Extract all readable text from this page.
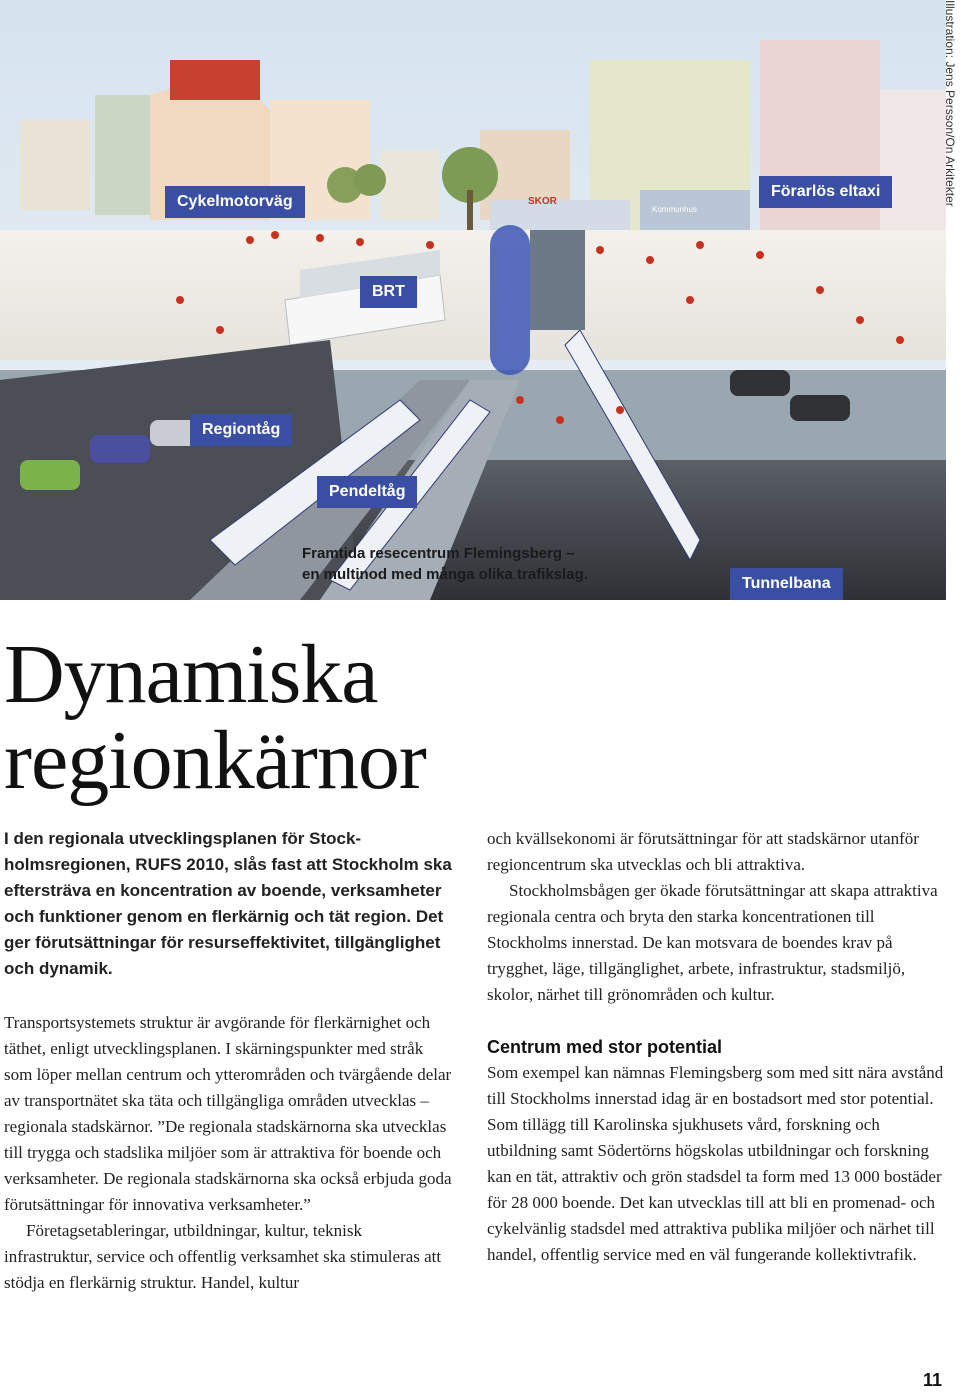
SKOR
Kommunhus
Cykelmotorväg
Förarlös eltaxi
BRT
Regiontåg
Pendeltåg
Tunnelbana
Framtida resecentrum Flemingsberg –
en multinod med många olika trafikslag.
Illustration: Jens Persson/On Arkitekter
Dynamiska
regionkärnor
I den regionala utvecklingsplanen för Stockholmsregionen, RUFS 2010, slås fast att Stockholm ska eftersträva en koncentration av boende, verksamheter och funktioner genom en flerkärnig och tät region. Det ger förutsättningar för resurseffektivitet, tillgänglighet och dynamik.

Transportsystemets struktur är avgörande för flerkärnighet och täthet, enligt utvecklingsplanen. I skärningspunkter med stråk som löper mellan centrum och ytterområden och tvärgående delar av transportnätet ska täta och tillgängliga områden utvecklas – regionala stadskärnor. ”De regionala stadskärnorna ska utvecklas till trygga och stadslika miljöer som är attraktiva för boende och verksamheter. De regionala stadskärnorna ska också erbjuda goda förutsättningar för innovativa verksamheter.”

Företagsetableringar, utbildningar, kultur, teknisk infrastruktur, service och offentlig verksamhet ska stimuleras att stödja en flerkärnig struktur. Handel, kultur

och kvällsekonomi är förutsättningar för att stadskärnor utanför regioncentrum ska utvecklas och bli attraktiva.

Stockholmsbågen ger ökade förutsättningar att skapa attraktiva regionala centra och bryta den starka koncentrationen till Stockholms innerstad. De kan motsvara de boendes krav på trygghet, läge, tillgänglighet, arbete, infrastruktur, stadsmiljö, skolor, närhet till grönområden och kultur.

Centrum med stor potential

Som exempel kan nämnas Flemingsberg som med sitt nära avstånd till Stockholms innerstad idag är en bostadsort med stor potential. Som tillägg till Karolinska sjukhusets vård, forskning och utbildning samt Södertörns högskolas utbildningar och forskning kan en tät, attraktiv och grön stadsdel ta form med 13 000 bostäder för 28 000 boende. Det kan utvecklas till att bli en promenad- och cykelvänlig stadsdel med attraktiva publika miljöer och närhet till handel, offentlig service med en väl fungerande kollektivtrafik.

11
